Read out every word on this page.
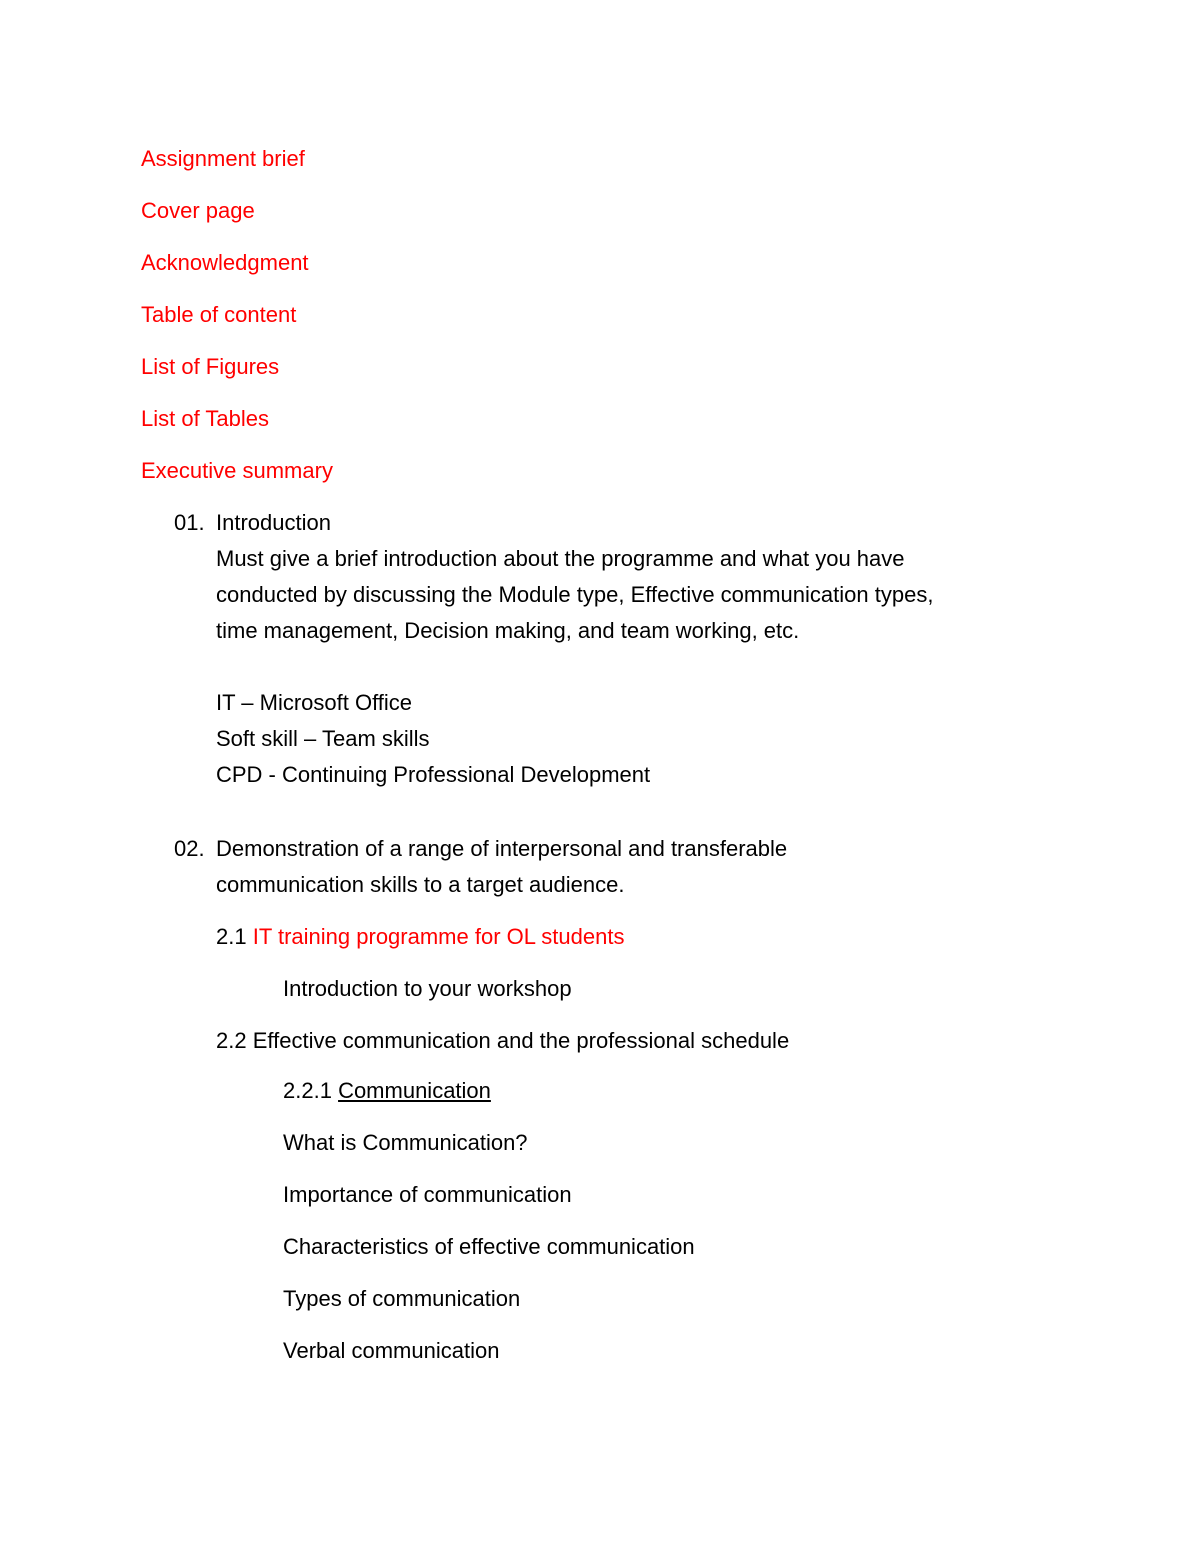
Assignment brief
Cover page
Acknowledgment
Table of content
List of Figures
List of Tables
Executive summary
01. Introduction
Must give a brief introduction about the programme and what you have
conducted by discussing the Module type, Effective communication types,
time management, Decision making, and team working, etc.
IT – Microsoft Office
Soft skill – Team skills
CPD - Continuing Professional Development
02. Demonstration of a range of interpersonal and transferable
communication skills to a target audience.
2.1 IT training programme for OL students
Introduction to your workshop
2.2 Effective communication and the professional schedule
2.2.1 Communication
What is Communication?
Importance of communication
Characteristics of effective communication
Types of communication
Verbal communication
